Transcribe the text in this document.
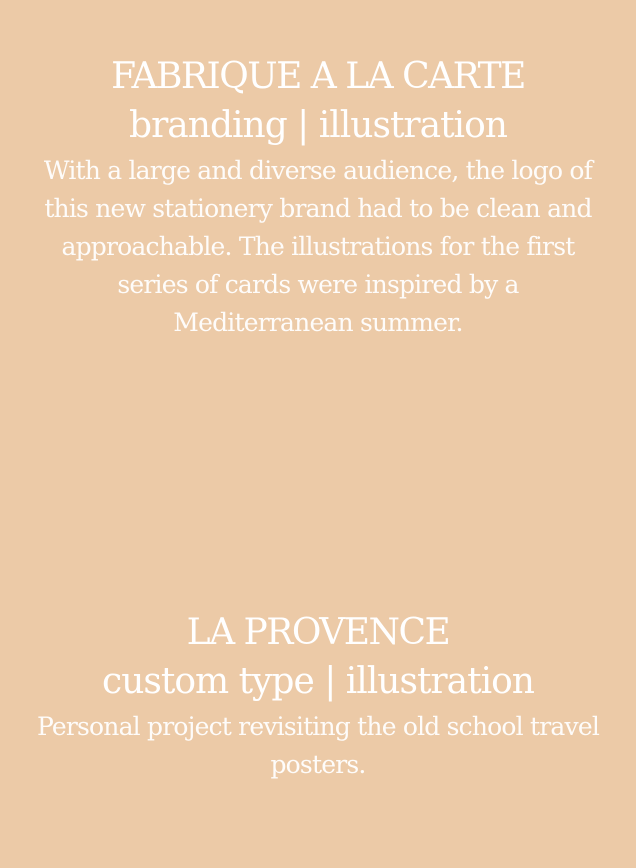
FABRIQUE A LA CARTE
branding | illustration

With a large and diverse audience, the logo of this new stationery brand had to be clean and approachable. The illustrations for the first series of cards were inspired by a Mediterranean summer.

LA PROVENCE
custom type | illustration

Personal project revisiting the old school travel posters.
